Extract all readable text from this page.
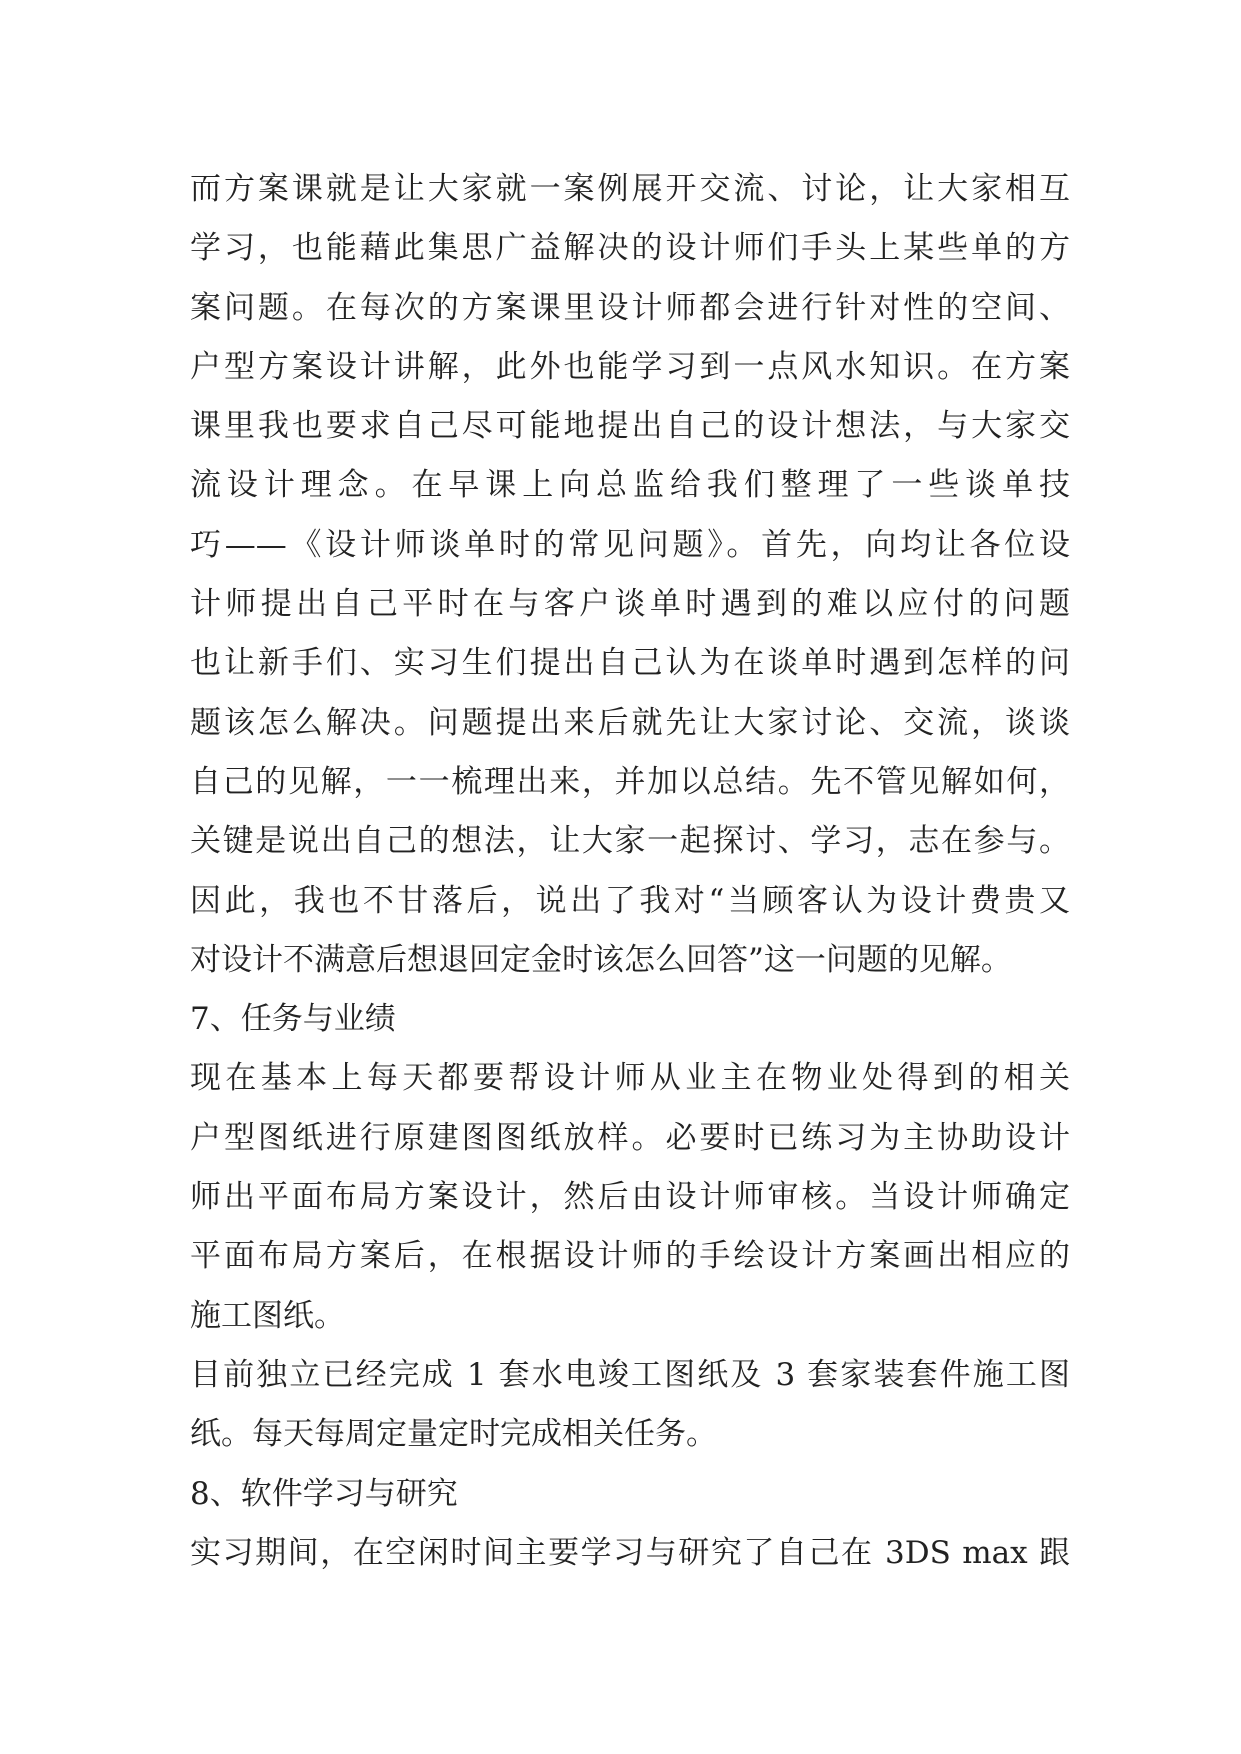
而方案课就是让大家就一案例展开交流、讨论，让大家相互
学习，也能藉此集思广益解决的设计师们手头上某些单的方
案问题。在每次的方案课里设计师都会进行针对性的空间、
户型方案设计讲解，此外也能学习到一点风水知识。在方案
课里我也要求自己尽可能地提出自己的设计想法，与大家交
流设计理念。在早课上向总监给我们整理了一些谈单技
巧——《设计师谈单时的常见问题》。首先，向均让各位设
计师提出自己平时在与客户谈单时遇到的难以应付的问题
也让新手们、实习生们提出自己认为在谈单时遇到怎样的问
题该怎么解决。问题提出来后就先让大家讨论、交流，谈谈
自己的见解，一一梳理出来，并加以总结。先不管见解如何，
关键是说出自己的想法，让大家一起探讨、学习，志在参与。
因此，我也不甘落后，说出了我对“当顾客认为设计费贵又
对设计不满意后想退回定金时该怎么回答”这一问题的见解。
7、任务与业绩
现在基本上每天都要帮设计师从业主在物业处得到的相关
户型图纸进行原建图图纸放样。必要时已练习为主协助设计
师出平面布局方案设计，然后由设计师审核。当设计师确定
平面布局方案后，在根据设计师的手绘设计方案画出相应的
施工图纸。
目前独立已经完成 1 套水电竣工图纸及 3 套家装套件施工图
纸。每天每周定量定时完成相关任务。
8、软件学习与研究
实习期间，在空闲时间主要学习与研究了自己在 3DS max 跟
